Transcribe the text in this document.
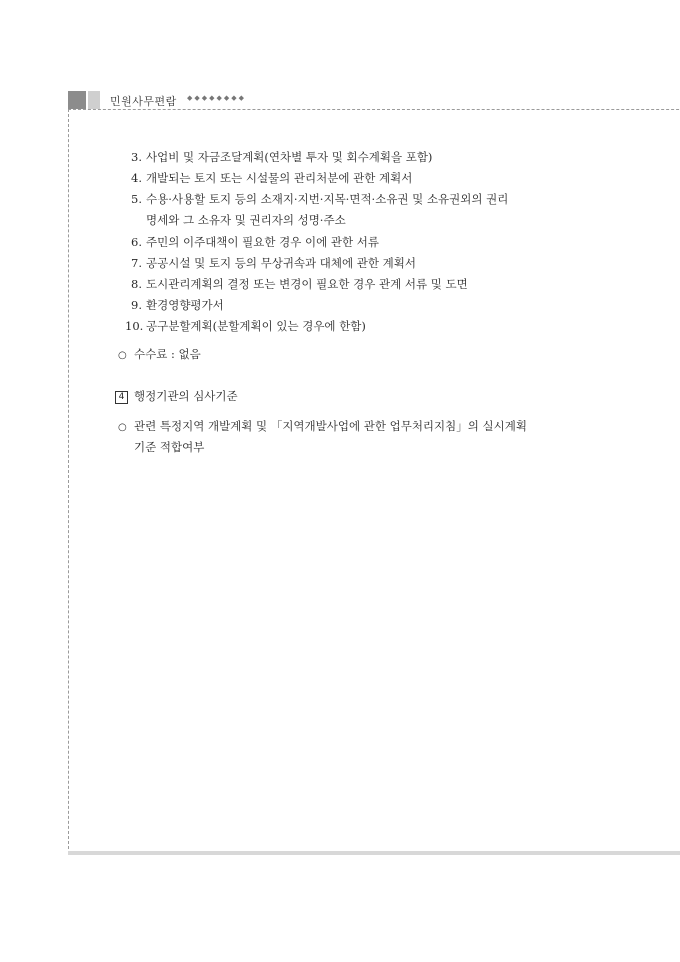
민원사무편람 ◆◆◆◆◆◆◆◆
3. 사업비 및 자금조달계획(연차별 투자 및 회수계획을 포함)
4. 개발되는 토지 또는 시설물의 관리처분에 관한 계획서
5. 수용·사용할 토지 등의 소재지·지번·지목·면적·소유권 및 소유권외의 권리
명세와 그 소유자 및 권리자의 성명·주소
6. 주민의 이주대책이 필요한 경우 이에 관한 서류
7. 공공시설 및 토지 등의 무상귀속과 대체에 관한 계획서
8. 도시관리계획의 결정 또는 변경이 필요한 경우 관계 서류 및 도면
9. 환경영향평가서
10. 공구분할계획(분할계획이 있는 경우에 한함)
○ 수수료 : 없음
4 행정기관의 심사기준
○ 관련 특정지역 개발계획 및 「지역개발사업에 관한 업무처리지침」의 실시계획
기준 적합여부
